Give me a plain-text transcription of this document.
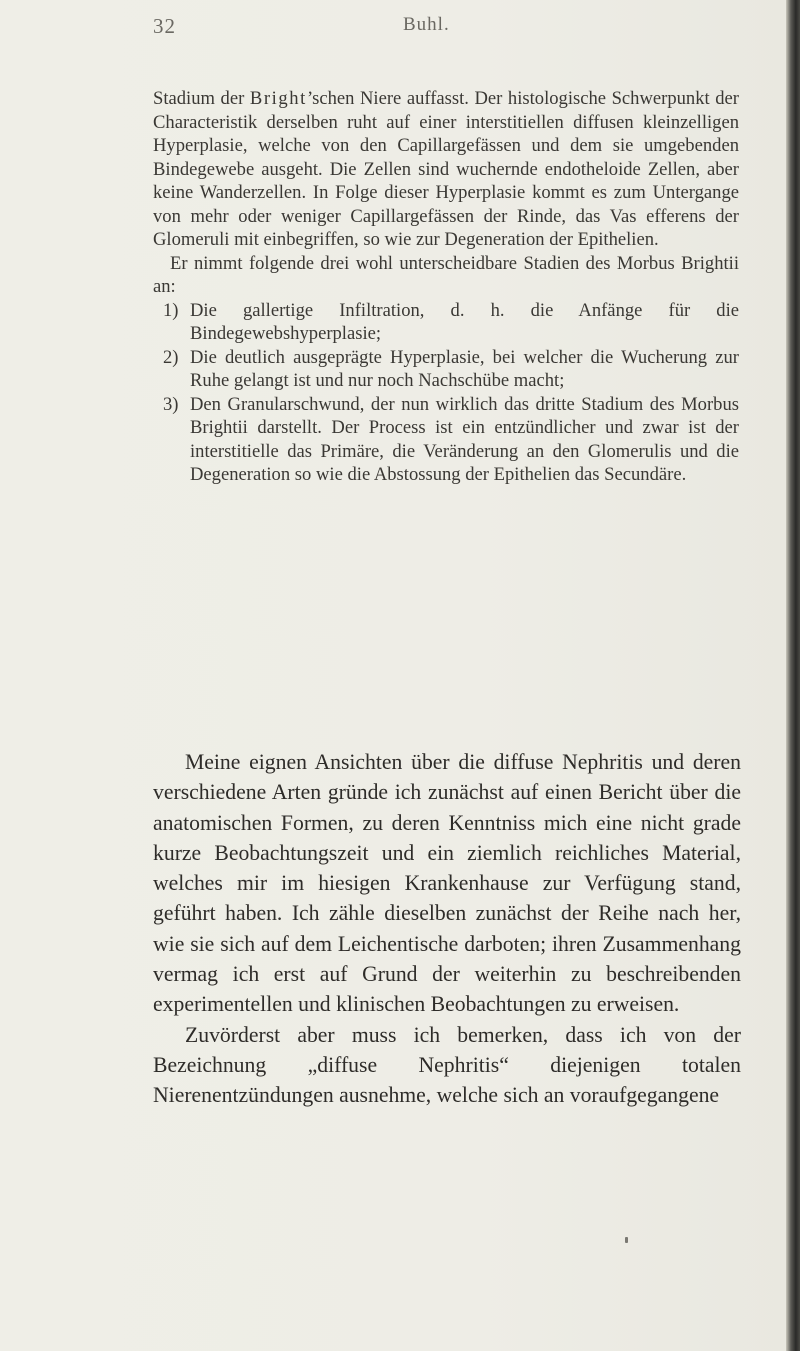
32	Buhl.

Stadium der Bright’schen Niere auffasst. Der histologische Schwerpunkt der Characteristik derselben ruht auf einer interstitiellen diffusen kleinzelligen Hyperplasie, welche von den Capillargefässen und dem sie umgebenden Bindegewebe ausgeht. Die Zellen sind wuchernde endotheloide Zellen, aber keine Wanderzellen. In Folge dieser Hyperplasie kommt es zum Untergange von mehr oder weniger Capillargefässen der Rinde, das Vas efferens der Glomeruli mit einbegriffen, so wie zur Degeneration der Epithelien.

Er nimmt folgende drei wohl unterscheidbare Stadien des Morbus Brightii an:

1) Die gallertige Infiltration, d. h. die Anfänge für die Bindegewebshyperplasie;
2) Die deutlich ausgeprägte Hyperplasie, bei welcher die Wucherung zur Ruhe gelangt ist und nur noch Nachschübe macht;
3) Den Granularschwund, der nun wirklich das dritte Stadium des Morbus Brightii darstellt. Der Process ist ein entzündlicher und zwar ist der interstitielle das Primäre, die Veränderung an den Glomerulis und die Degeneration so wie die Abstossung der Epithelien das Secundäre.

Meine eignen Ansichten über die diffuse Nephritis und deren verschiedene Arten gründe ich zunächst auf einen Bericht über die anatomischen Formen, zu deren Kenntniss mich eine nicht grade kurze Beobachtungszeit und ein ziemlich reichliches Material, welches mir im hiesigen Krankenhause zur Verfügung stand, geführt haben. Ich zähle dieselben zunächst der Reihe nach her, wie sie sich auf dem Leichentische darboten; ihren Zusammenhang vermag ich erst auf Grund der weiterhin zu beschreibenden experimentellen und klinischen Beobachtungen zu erweisen.

Zuvörderst aber muss ich bemerken, dass ich von der Bezeichnung „diffuse Nephritis“ diejenigen totalen Nierenentzündungen ausnehme, welche sich an voraufgegangene
